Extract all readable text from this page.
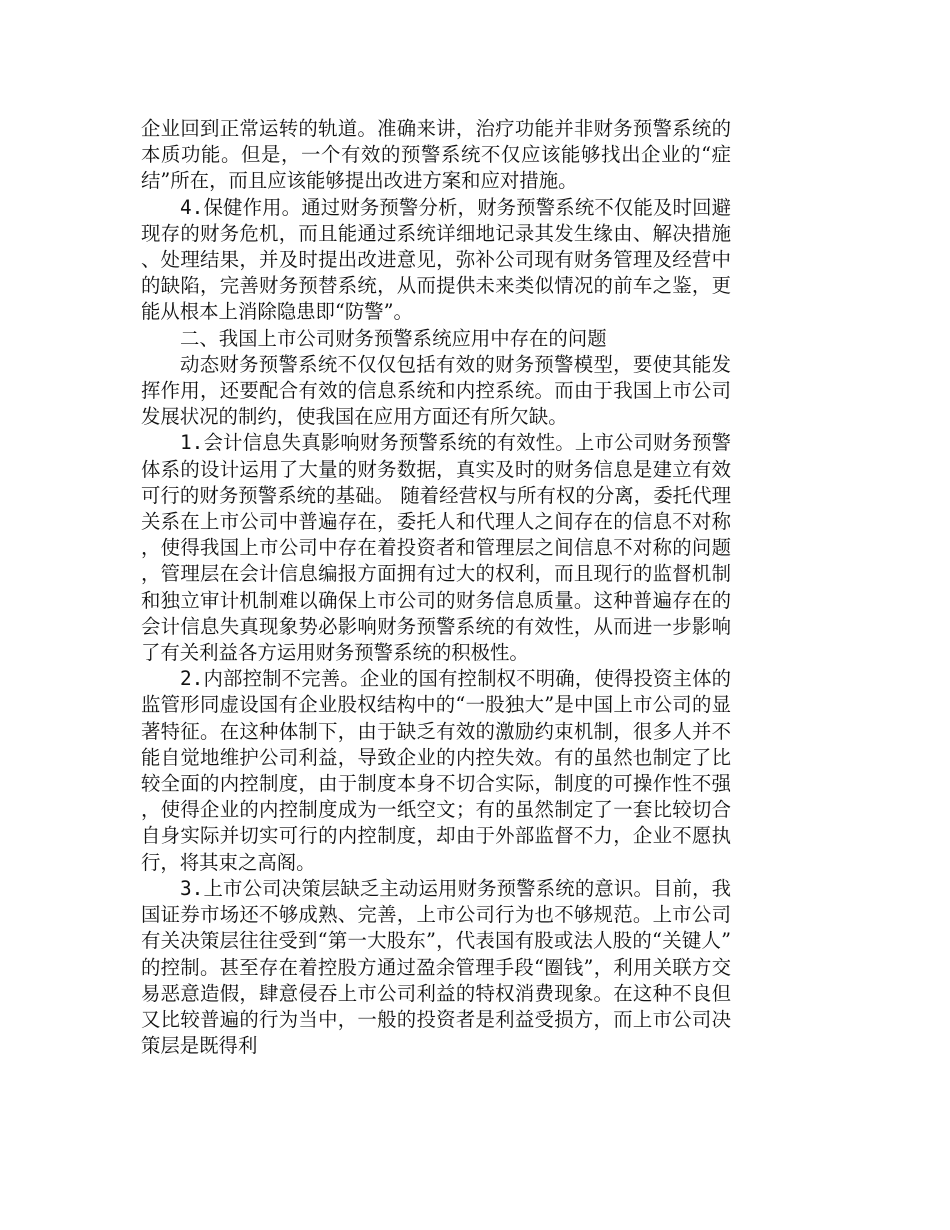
企业回到正常运转的轨道。准确来讲，治疗功能并非财务预警系统的本质功能。但是，一个有效的预警系统不仅应该能够找出企业的“症结”所在，而且应该能够提出改进方案和应对措施。

4.保健作用。通过财务预警分析，财务预警系统不仅能及时回避现存的财务危机，而且能通过系统详细地记录其发生缘由、解决措施、处理结果，并及时提出改进意见，弥补公司现有财务管理及经营中的缺陷，完善财务预替系统，从而提供未来类似情况的前车之鉴，更能从根本上消除隐患即“防警”。

二、我国上市公司财务预警系统应用中存在的问题

动态财务预警系统不仅仅包括有效的财务预警模型，要使其能发挥作用，还要配合有效的信息系统和内控系统。而由于我国上市公司发展状况的制约，使我国在应用方面还有所欠缺。

1.会计信息失真影响财务预警系统的有效性。上市公司财务预警体系的设计运用了大量的财务数据，真实及时的财务信息是建立有效可行的财务预警系统的基础。 随着经营权与所有权的分离，委托代理关系在上市公司中普遍存在，委托人和代理人之间存在的信息不对称，使得我国上市公司中存在着投资者和管理层之间信息不对称的问题，管理层在会计信息编报方面拥有过大的权利，而且现行的监督机制和独立审计机制难以确保上市公司的财务信息质量。这种普遍存在的会计信息失真现象势必影响财务预警系统的有效性，从而进一步影响了有关利益各方运用财务预警系统的积极性。

2.内部控制不完善。企业的国有控制权不明确，使得投资主体的监管形同虚设国有企业股权结构中的“一股独大”是中国上市公司的显著特征。在这种体制下，由于缺乏有效的激励约束机制，很多人并不能自觉地维护公司利益，导致企业的内控失效。有的虽然也制定了比较全面的内控制度，由于制度本身不切合实际，制度的可操作性不强，使得企业的内控制度成为一纸空文；有的虽然制定了一套比较切合自身实际并切实可行的内控制度，却由于外部监督不力，企业不愿执行，将其束之高阁。

3.上市公司决策层缺乏主动运用财务预警系统的意识。目前，我国证券市场还不够成熟、完善，上市公司行为也不够规范。上市公司有关决策层往往受到“第一大股东”，代表国有股或法人股的“关键人”的控制。甚至存在着控股方通过盈余管理手段“圈钱”，利用关联方交易恶意造假，肆意侵吞上市公司利益的特权消费现象。在这种不良但又比较普遍的行为当中，一般的投资者是利益受损方，而上市公司决策层是既得利
